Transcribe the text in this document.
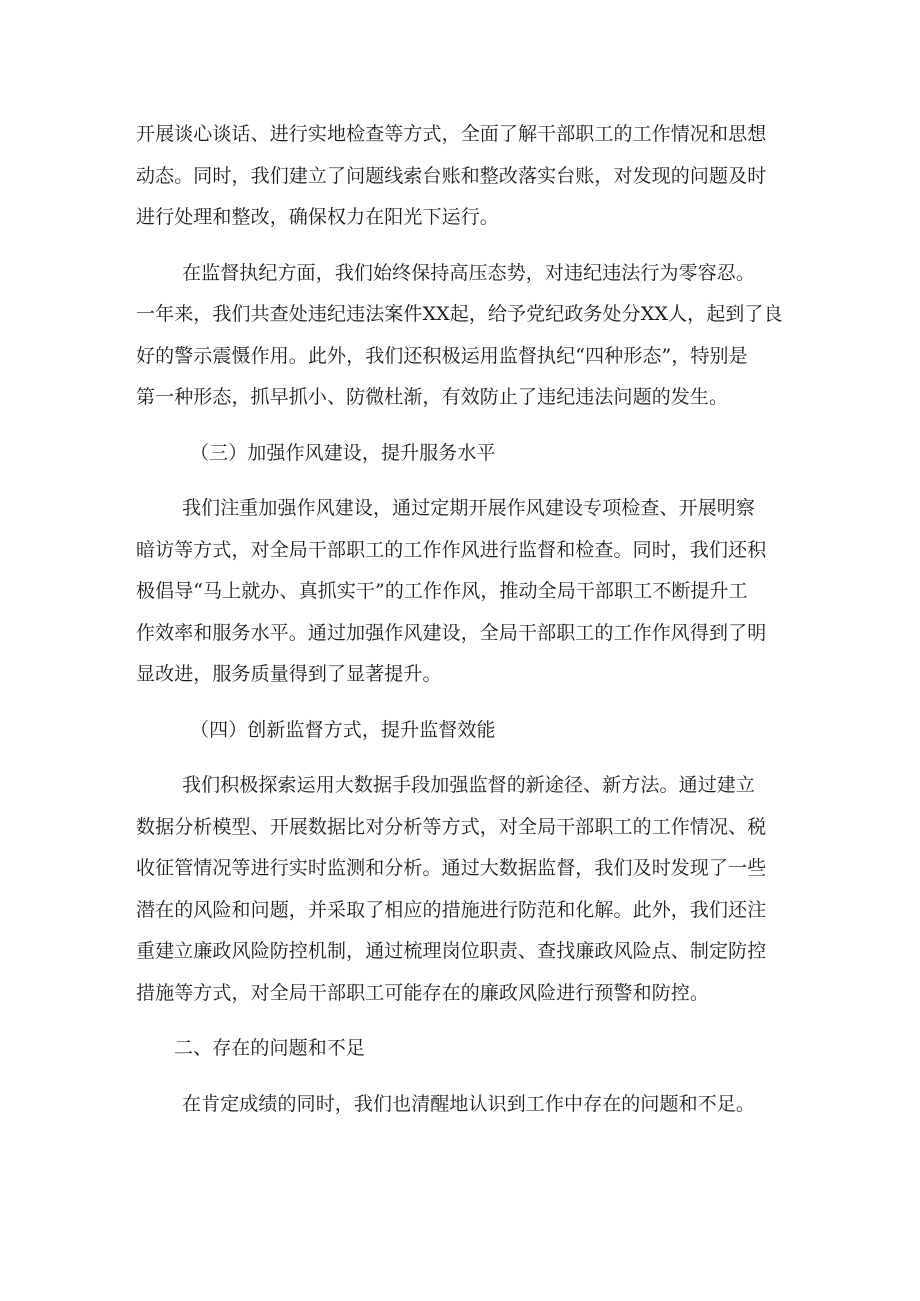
开展谈心谈话、进行实地检查等方式，全面了解干部职工的工作情况和思想
动态。同时，我们建立了问题线索台账和整改落实台账，对发现的问题及时
进行处理和整改，确保权力在阳光下运行。
在监督执纪方面，我们始终保持高压态势，对违纪违法行为零容忍。
一年来，我们共查处违纪违法案件XX起，给予党纪政务处分XX人，起到了良
好的警示震慑作用。此外，我们还积极运用监督执纪“四种形态”，特别是
第一种形态，抓早抓小、防微杜渐，有效防止了违纪违法问题的发生。
（三）加强作风建设，提升服务水平
我们注重加强作风建设，通过定期开展作风建设专项检查、开展明察
暗访等方式，对全局干部职工的工作作风进行监督和检查。同时，我们还积
极倡导“马上就办、真抓实干”的工作作风，推动全局干部职工不断提升工
作效率和服务水平。通过加强作风建设，全局干部职工的工作作风得到了明
显改进，服务质量得到了显著提升。
（四）创新监督方式，提升监督效能
我们积极探索运用大数据手段加强监督的新途径、新方法。通过建立
数据分析模型、开展数据比对分析等方式，对全局干部职工的工作情况、税
收征管情况等进行实时监测和分析。通过大数据监督，我们及时发现了一些
潜在的风险和问题，并采取了相应的措施进行防范和化解。此外，我们还注
重建立廉政风险防控机制，通过梳理岗位职责、查找廉政风险点、制定防控
措施等方式，对全局干部职工可能存在的廉政风险进行预警和防控。
二、存在的问题和不足
在肯定成绩的同时，我们也清醒地认识到工作中存在的问题和不足。
